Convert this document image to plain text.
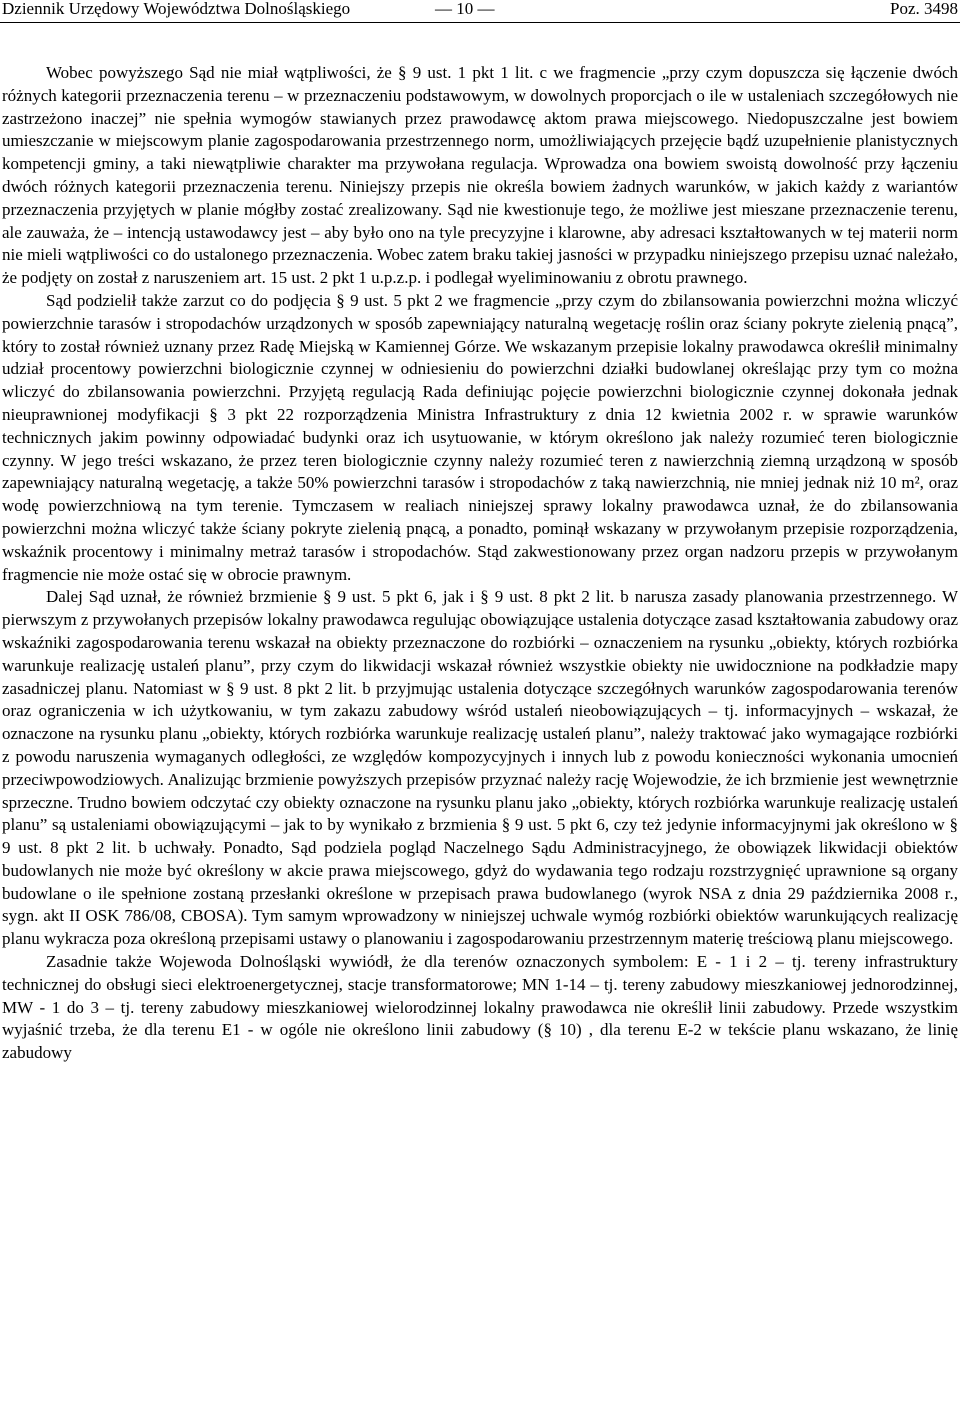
Dziennik Urzędowy Województwa Dolnośląskiego	— 10 —	Poz. 3498

Wobec powyższego Sąd nie miał wątpliwości, że § 9 ust. 1 pkt 1 lit. c we fragmencie „przy czym dopuszcza się łączenie dwóch różnych kategorii przeznaczenia terenu – w przeznaczeniu podstawowym, w dowolnych proporcjach o ile w ustaleniach szczegółowych nie zastrzeżono inaczej” nie spełnia wymogów stawianych przez prawodawcę aktom prawa miejscowego. Niedopuszczalne jest bowiem umieszczanie w miejscowym planie zagospodarowania przestrzennego norm, umożliwiających przejęcie bądź uzupełnienie planistycznych kompetencji gminy, a taki niewątpliwie charakter ma przywołana regulacja. Wprowadza ona bowiem swoistą dowolność przy łączeniu dwóch różnych kategorii przeznaczenia terenu. Niniejszy przepis nie określa bowiem żadnych warunków, w jakich każdy z wariantów przeznaczenia przyjętych w planie mógłby zostać zrealizowany. Sąd nie kwestionuje tego, że możliwe jest mieszane przeznaczenie terenu, ale zauważa, że – intencją ustawodawcy jest – aby było ono na tyle precyzyjne i klarowne, aby adresaci kształtowanych w tej materii norm nie mieli wątpliwości co do ustalonego przeznaczenia. Wobec zatem braku takiej jasności w przypadku niniejszego przepisu uznać należało, że podjęty on został z naruszeniem art. 15 ust. 2 pkt 1 u.p.z.p. i podlegał wyeliminowaniu z obrotu prawnego.

Sąd podzielił także zarzut co do podjęcia § 9 ust. 5 pkt 2 we fragmencie „przy czym do zbilansowania powierzchni można wliczyć powierzchnie tarasów i stropodachów urządzonych w sposób zapewniający naturalną wegetację roślin oraz ściany pokryte zielenią pnącą”, który to został również uznany przez Radę Miejską w Kamiennej Górze. We wskazanym przepisie lokalny prawodawca określił minimalny udział procentowy powierzchni biologicznie czynnej w odniesieniu do powierzchni działki budowlanej określając przy tym co można wliczyć do zbilansowania powierzchni. Przyjętą regulacją Rada definiując pojęcie powierzchni biologicznie czynnej dokonała jednak nieuprawnionej modyfikacji § 3 pkt 22 rozporządzenia Ministra Infrastruktury z dnia 12 kwietnia 2002 r. w sprawie warunków technicznych jakim powinny odpowiadać budynki oraz ich usytuowanie, w którym określono jak należy rozumieć teren biologicznie czynny. W jego treści wskazano, że przez teren biologicznie czynny należy rozumieć teren z nawierzchnią ziemną urządzoną w sposób zapewniający naturalną wegetację, a także 50% powierzchni tarasów i stropodachów z taką nawierzchnią, nie mniej jednak niż 10 m², oraz wodę powierzchniową na tym terenie. Tymczasem w realiach niniejszej sprawy lokalny prawodawca uznał, że do zbilansowania powierzchni można wliczyć także ściany pokryte zielenią pnącą, a ponadto, pominął wskazany w przywołanym przepisie rozporządzenia, wskaźnik procentowy i minimalny metraż tarasów i stropodachów. Stąd zakwestionowany przez organ nadzoru przepis w przywołanym fragmencie nie może ostać się w obrocie prawnym.

Dalej Sąd uznał, że również brzmienie § 9 ust. 5 pkt 6, jak i § 9 ust. 8 pkt 2 lit. b narusza zasady planowania przestrzennego. W pierwszym z przywołanych przepisów lokalny prawodawca regulując obowiązujące ustalenia dotyczące zasad kształtowania zabudowy oraz wskaźniki zagospodarowania terenu wskazał na obiekty przeznaczone do rozbiórki – oznaczeniem na rysunku „obiekty, których rozbiórka warunkuje realizację ustaleń planu”, przy czym do likwidacji wskazał również wszystkie obiekty nie uwidocznione na podkładzie mapy zasadniczej planu. Natomiast w § 9 ust. 8 pkt 2 lit. b przyjmując ustalenia dotyczące szczegółnych warunków zagospodarowania terenów oraz ograniczenia w ich użytkowaniu, w tym zakazu zabudowy wśród ustaleń nieobowiązujących – tj. informacyjnych – wskazał, że oznaczone na rysunku planu „obiekty, których rozbiórka warunkuje realizację ustaleń planu”, należy traktować jako wymagające rozbiórki z powodu naruszenia wymaganych odległości, ze względów kompozycyjnych i innych lub z powodu konieczności wykonania umocnień przeciwpowodziowych. Analizując brzmienie powyższych przepisów przyznać należy rację Wojewodzie, że ich brzmienie jest wewnętrznie sprzeczne. Trudno bowiem odczytać czy obiekty oznaczone na rysunku planu jako „obiekty, których rozbiórka warunkuje realizację ustaleń planu” są ustaleniami obowiązującymi – jak to by wynikało z brzmienia § 9 ust. 5 pkt 6, czy też jedynie informacyjnymi jak określono w § 9 ust. 8 pkt 2 lit. b uchwały. Ponadto, Sąd podziela pogląd Naczelnego Sądu Administracyjnego, że obowiązek likwidacji obiektów budowlanych nie może być określony w akcie prawa miejscowego, gdyż do wydawania tego rodzaju rozstrzygnięć uprawnione są organy budowlane o ile spełnione zostaną przesłanki określone w przepisach prawa budowlanego (wyrok NSA z dnia 29 października 2008 r., sygn. akt II OSK 786/08, CBOSA). Tym samym wprowadzony w niniejszej uchwale wymóg rozbiórki obiektów warunkujących realizację planu wykracza poza określoną przepisami ustawy o planowaniu i zagospodarowaniu przestrzennym materię treściową planu miejscowego.

Zasadnie także Wojewoda Dolnośląski wywiódł, że dla terenów oznaczonych symbolem: E - 1 i 2 – tj. tereny infrastruktury technicznej do obsługi sieci elektroenergetycznej, stacje transformatorowe; MN 1-14 – tj. tereny zabudowy mieszkaniowej jednorodzinnej, MW - 1 do 3 – tj. tereny zabudowy mieszkaniowej wielorodzinnej lokalny prawodawca nie określił linii zabudowy. Przede wszystkim wyjaśnić trzeba, że dla terenu E1 - w ogóle nie określono linii zabudowy (§ 10) , dla terenu E-2 w tekście planu wskazano, że linię zabudowy
